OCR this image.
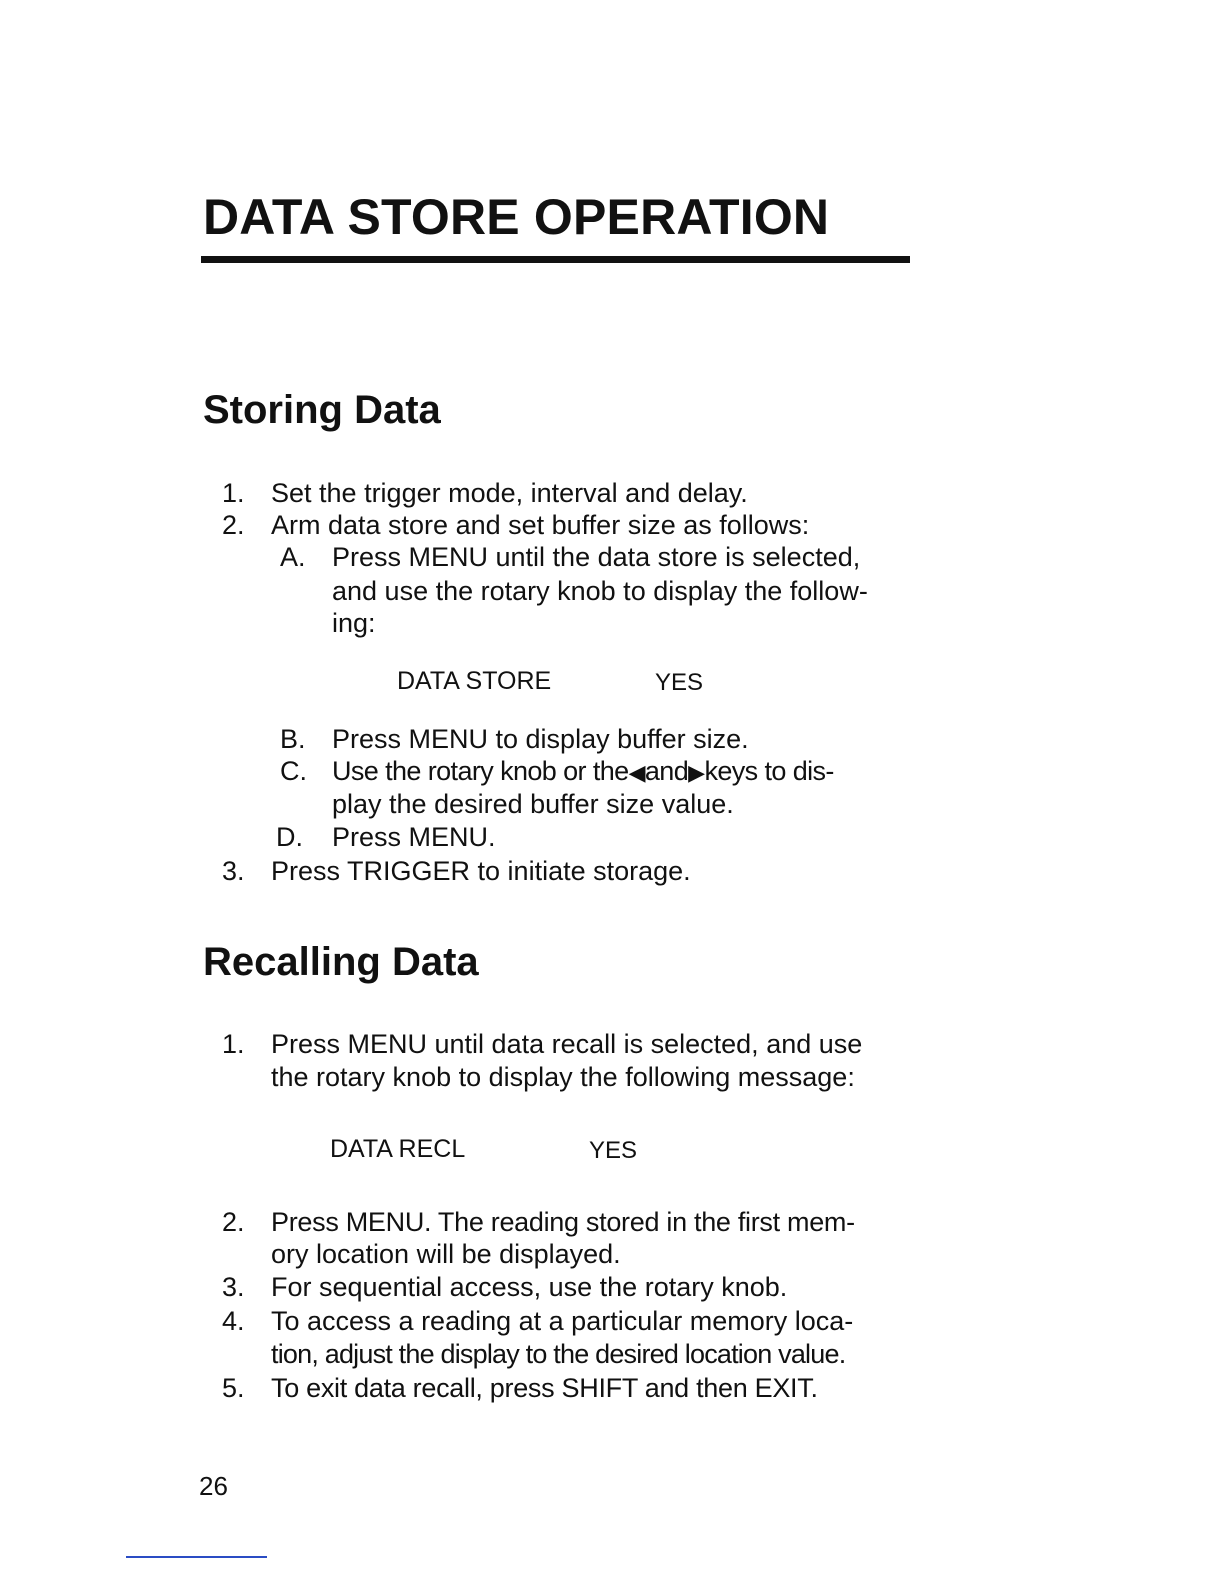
DATA STORE OPERATION
Storing Data
1. Set the trigger mode, interval and delay.
2. Arm data store and set buffer size as follows:
A. Press MENU until the data store is selected,
and use the rotary knob to display the follow-
ing:
DATA STORE	YES
B. Press MENU to display buffer size.
C. Use the rotary knob or the◀and▶keys to dis-
play the desired buffer size value.
D. Press MENU.
3. Press TRIGGER to initiate storage.
Recalling Data
1. Press MENU until data recall is selected, and use
the rotary knob to display the following message:
DATA RECL	YES
2. Press MENU. The reading stored in the first mem-
ory location will be displayed.
3. For sequential access, use the rotary knob.
4. To access a reading at a particular memory loca-
tion, adjust the display to the desired location value.
5. To exit data recall, press SHIFT and then EXIT.
26
